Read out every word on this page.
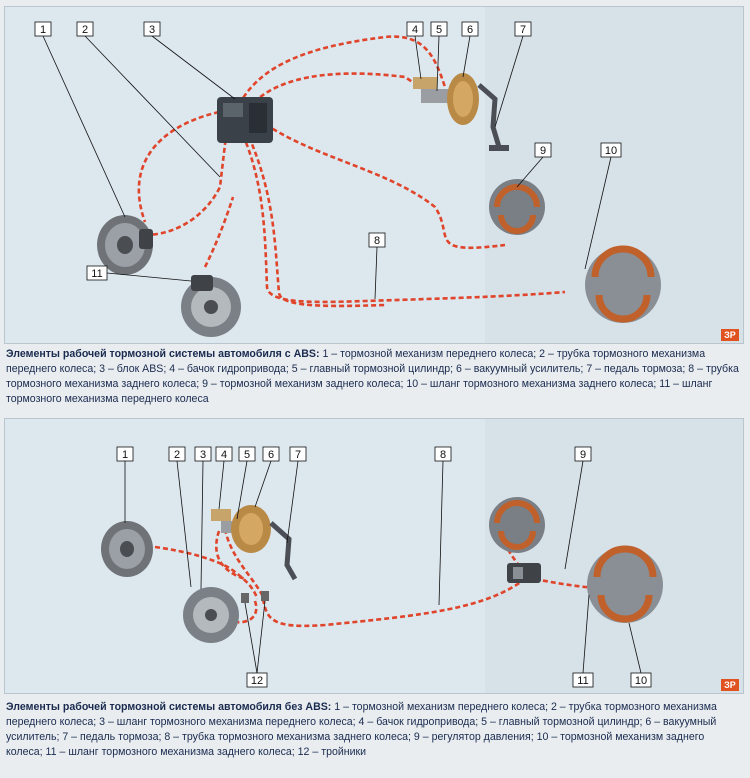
1	2	3	4 5 6	7
9	10
8
11
ЗР
Элементы рабочей тормозной системы автомобиля с ABS: 1 – тормозной механизм переднего колеса; 2 – трубка тормозного механизма переднего колеса; 3 – блок ABS; 4 – бачок гидропривода; 5 – главный тормозной цилиндр; 6 – вакуумный усилитель; 7 – педаль тормоза; 8 – трубка тормозного механизма заднего колеса; 9 – тормозной механизм заднего колеса; 10 – шланг тормозного механизма заднего колеса; 11 – шланг тормозного механизма переднего колеса
1	2 3 4 5 6 7	8	9
11	10
12	ЗР
Элементы рабочей тормозной системы автомобиля без ABS: 1 – тормозной механизм переднего колеса; 2 – трубка тормозного механизма переднего колеса; 3 – шланг тормозного механизма переднего колеса; 4 – бачок гидропривода; 5 – главный тормозной цилиндр; 6 – вакуумный усилитель; 7 – педаль тормоза; 8 – трубка тормозного механизма заднего колеса; 9 – регулятор давления; 10 – тормозной механизм заднего колеса; 11 – шланг тормозного механизма заднего колеса; 12 – тройники
